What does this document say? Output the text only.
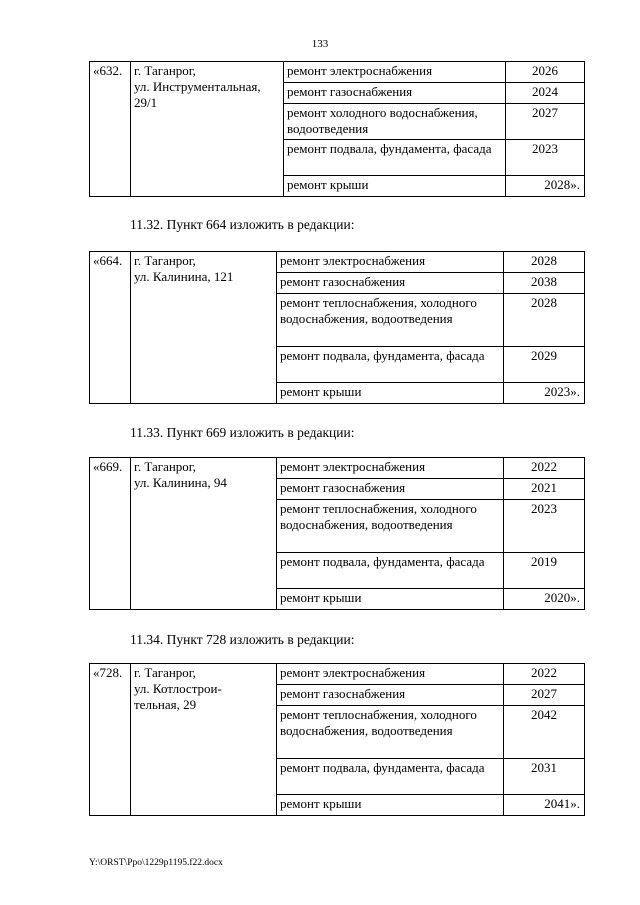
133
«632.	г. Таганрог,
ул. Инструментальная,
29/1	ремонт электроснабжения	2026
		ремонт газоснабжения	2024
		ремонт холодного водоснабжения, водоотведения	2027
		ремонт подвала, фундамента, фасада	2023
		ремонт крыши	2028».
11.32. Пункт 664 изложить в редакции:
«664.	г. Таганрог,
ул. Калинина, 121	ремонт электроснабжения	2028
		ремонт газоснабжения	2038
		ремонт теплоснабжения, холодного водоснабжения, водоотведения	2028
		ремонт подвала, фундамента, фасада	2029
		ремонт крыши	2023».
11.33. Пункт 669 изложить в редакции:
«669.	г. Таганрог,
ул. Калинина, 94	ремонт электроснабжения	2022
		ремонт газоснабжения	2021
		ремонт теплоснабжения, холодного водоснабжения, водоотведения	2023
		ремонт подвала, фундамента, фасада	2019
		ремонт крыши	2020».
11.34. Пункт 728 изложить в редакции:
«728.	г. Таганрог,
ул. Котлострои-
тельная, 29	ремонт электроснабжения	2022
		ремонт газоснабжения	2027
		ремонт теплоснабжения, холодного водоснабжения, водоотведения	2042
		ремонт подвала, фундамента, фасада	2031
		ремонт крыши	2041».
Y:\ORST\Ppo\1229p1195.f22.docx
